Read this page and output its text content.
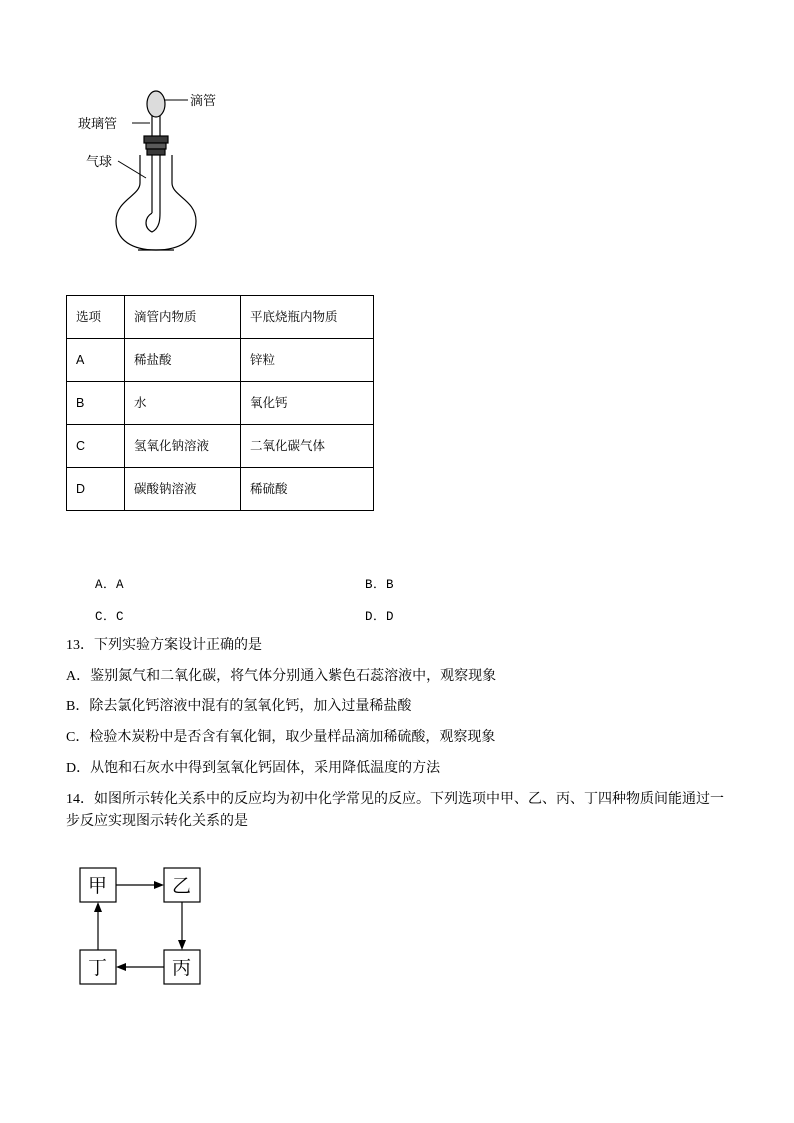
滴管
玻璃管
气球
选项	滴管内物质	平底烧瓶内物质
A	稀盐酸	锌粒
B	水	氧化钙
C	氢氧化钠溶液	二氧化碳气体
D	碳酸钠溶液	稀硫酸
A．A	B．B
C．C	D．D

13．下列实验方案设计正确的是

A．鉴别氮气和二氧化碳，将气体分别通入紫色石蕊溶液中，观察现象

B．除去氯化钙溶液中混有的氢氧化钙，加入过量稀盐酸

C．检验木炭粉中是否含有氧化铜，取少量样品滴加稀硫酸，观察现象

D．从饱和石灰水中得到氢氧化钙固体，采用降低温度的方法

14．如图所示转化关系中的反应均为初中化学常见的反应。下列选项中甲、乙、丙、丁四种物质间能通过一步反应实现图示转化关系的是

甲	乙
丁	丙
